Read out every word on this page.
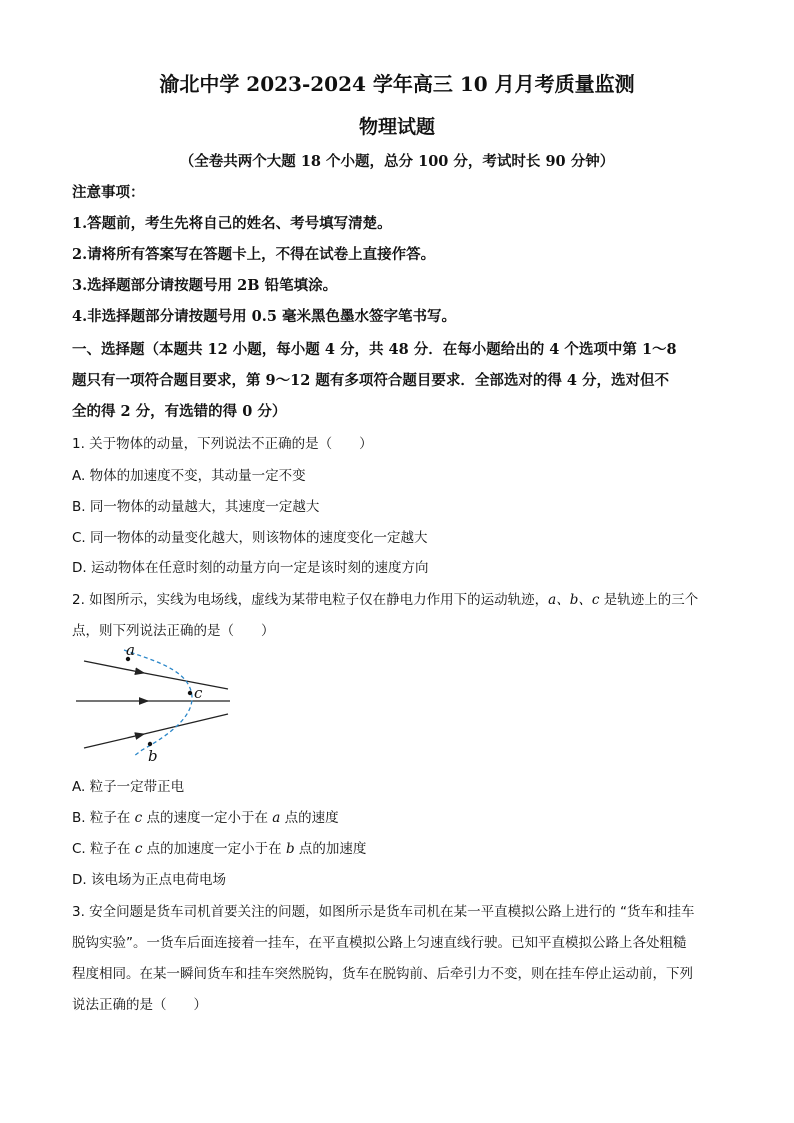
渝北中学 2023-2024 学年高三 10 月月考质量监测
物理试题
（全卷共两个大题 18 个小题，总分 100 分，考试时长 90 分钟）
注意事项：
1.答题前，考生先将自己的姓名、考号填写清楚。
2.请将所有答案写在答题卡上，不得在试卷上直接作答。
3.选择题部分请按题号用 2B 铅笔填涂。
4.非选择题部分请按题号用 0.5 毫米黑色墨水签字笔书写。
一、选择题（本题共 12 小题，每小题 4 分，共 48 分．在每小题给出的 4 个选项中第 1～8
题只有一项符合题目要求，第 9～12 题有多项符合题目要求．全部选对的得 4 分，选对但不
全的得 2 分，有选错的得 0 分）
1. 关于物体的动量，下列说法不正确的是（　　）
A. 物体的加速度不变，其动量一定不变
B. 同一物体的动量越大，其速度一定越大
C. 同一物体的动量变化越大，则该物体的速度变化一定越大
D. 运动物体在任意时刻的动量方向一定是该时刻的速度方向
2. 如图所示，实线为电场线，虚线为某带电粒子仅在静电力作用下的运动轨迹，a、b、c 是轨迹上的三个
点，则下列说法正确的是（　　）
a
c
b
A. 粒子一定带正电
B. 粒子在 c 点的速度一定小于在 a 点的速度
C. 粒子在 c 点的加速度一定小于在 b 点的加速度
D. 该电场为正点电荷电场
3. 安全问题是货车司机首要关注的问题，如图所示是货车司机在某一平直模拟公路上进行的 “货车和挂车
脱钩实验”。一货车后面连接着一挂车，在平直模拟公路上匀速直线行驶。已知平直模拟公路上各处粗糙
程度相同。在某一瞬间货车和挂车突然脱钩，货车在脱钩前、后牵引力不变，则在挂车停止运动前，下列
说法正确的是（　　）
